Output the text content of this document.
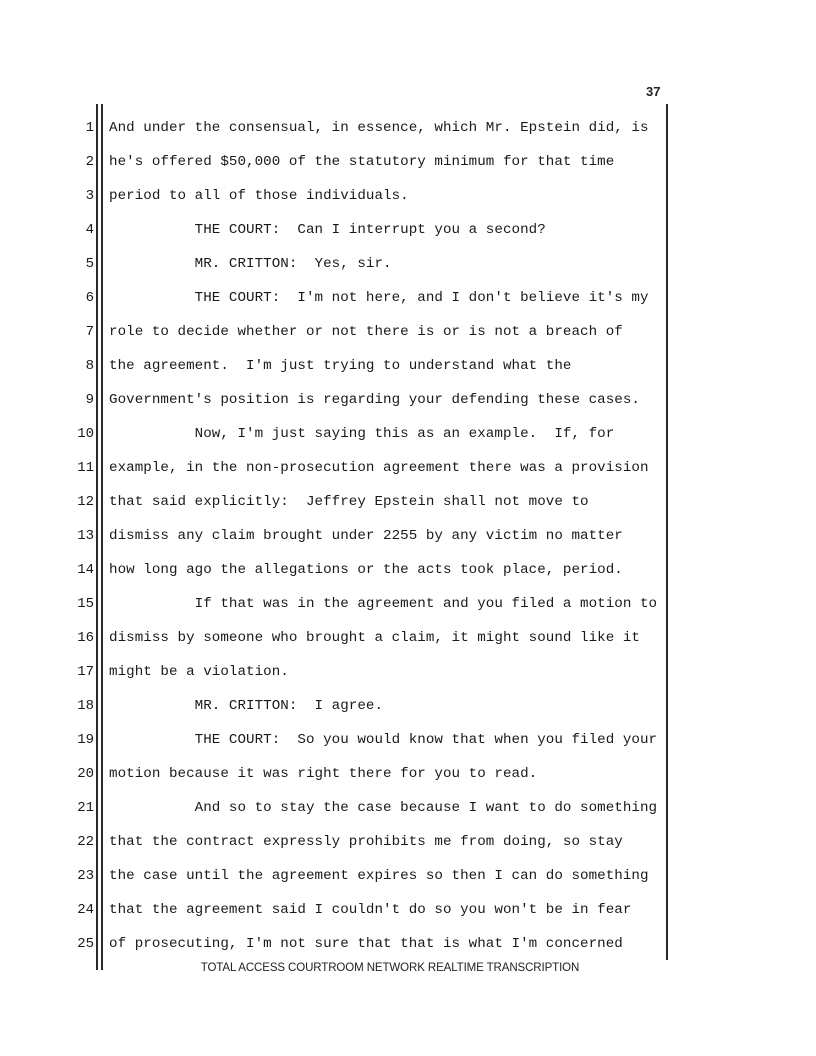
37
1 And under the consensual, in essence, which Mr. Epstein did, is
2 he's offered $50,000 of the statutory minimum for that time
3 period to all of those individuals.
4 THE COURT:  Can I interrupt you a second?
5 MR. CRITTON:  Yes, sir.
6 THE COURT:  I'm not here, and I don't believe it's my
7 role to decide whether or not there is or is not a breach of
8 the agreement.  I'm just trying to understand what the
9 Government's position is regarding your defending these cases.
10 Now, I'm just saying this as an example.  If, for
11 example, in the non-prosecution agreement there was a provision
12 that said explicitly:  Jeffrey Epstein shall not move to
13 dismiss any claim brought under 2255 by any victim no matter
14 how long ago the allegations or the acts took place, period.
15 If that was in the agreement and you filed a motion to
16 dismiss by someone who brought a claim, it might sound like it
17 might be a violation.
18 MR. CRITTON:  I agree.
19 THE COURT:  So you would know that when you filed your
20 motion because it was right there for you to read.
21 And so to stay the case because I want to do something
22 that the contract expressly prohibits me from doing, so stay
23 the case until the agreement expires so then I can do something
24 that the agreement said I couldn't do so you won't be in fear
25 of prosecuting, I'm not sure that that is what I'm concerned
TOTAL ACCESS COURTROOM NETWORK REALTIME TRANSCRIPTION
